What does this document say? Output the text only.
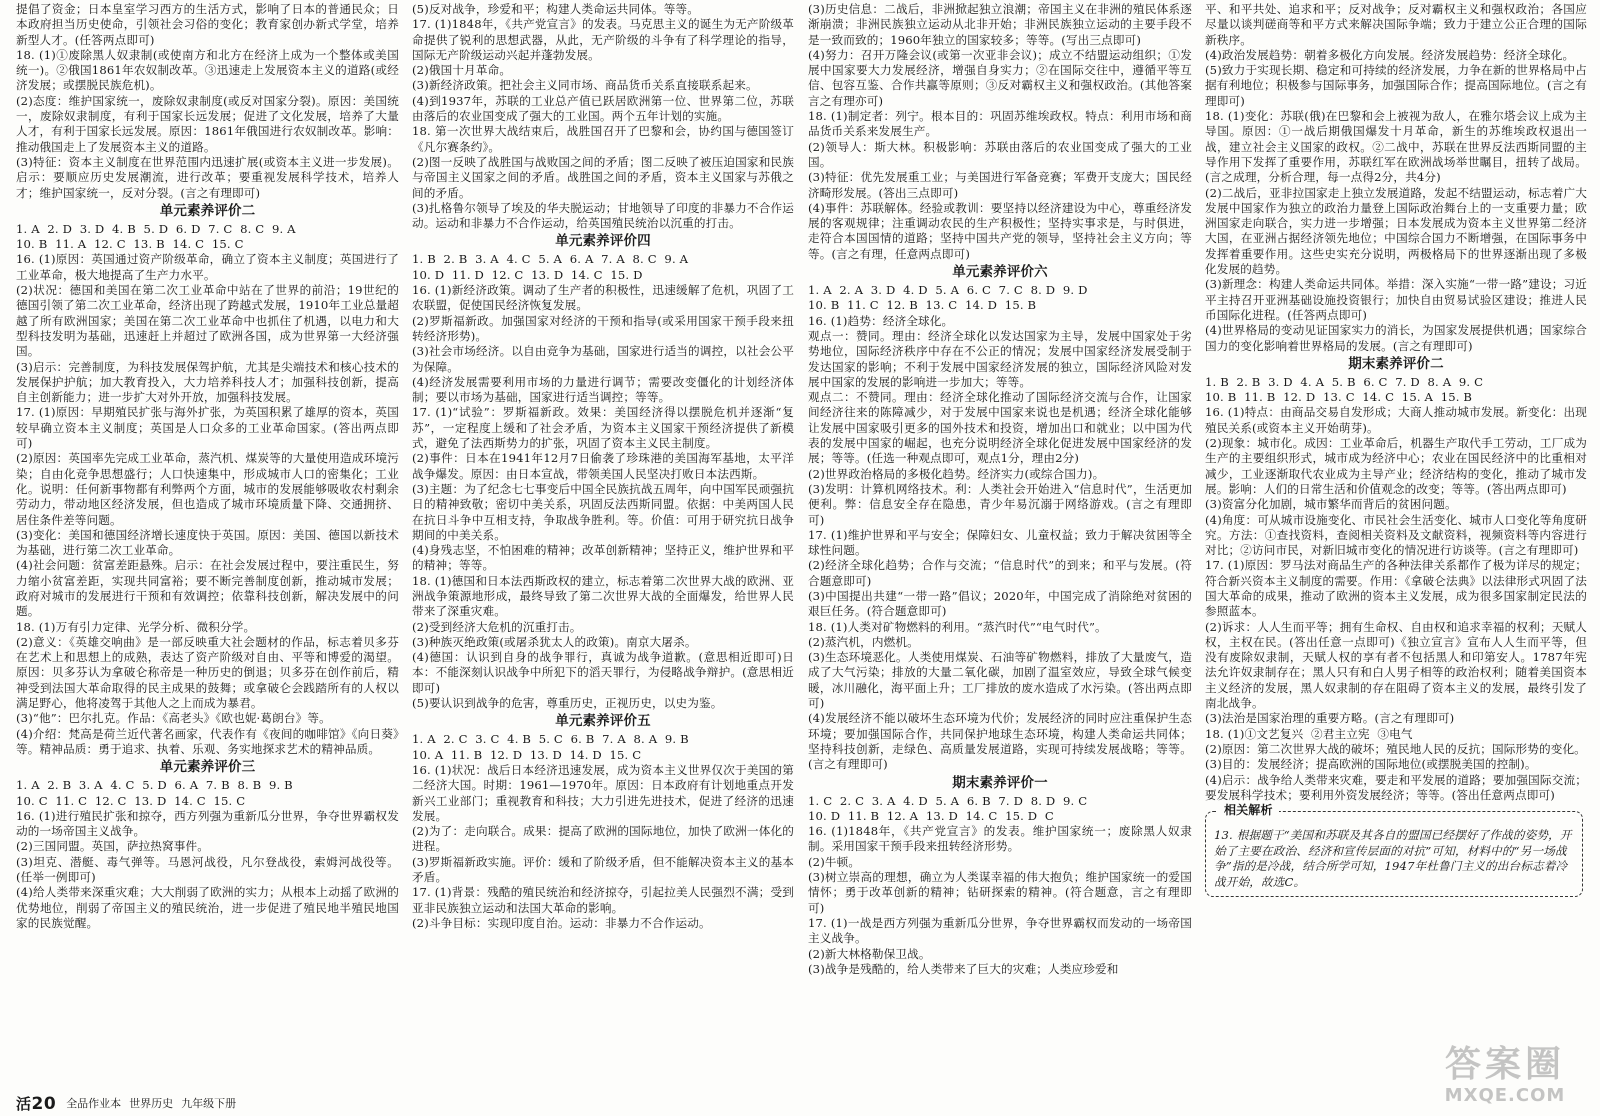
提倡了资金；日本皇室学习西方的生活方式，影响了日本的普通民众；日本政府担当历史使命，引领社会习俗的变化；教育家创办新式学堂，培养新型人才。(任答两点即可)

18. (1)①废除黑人奴隶制(或使南方和北方在经济上成为一个整体或美国统一)。②俄国1861年农奴制改革。③迅速走上发展资本主义的道路(或经济发展；或摆脱民族危机)。

(2)态度：维护国家统一，废除奴隶制度(或反对国家分裂)。原因：美国统一，废除奴隶制度，有利于国家长远发展；促进了文化发展，培养了大量人才，有利于国家长远发展。原因：1861年俄国进行农奴制改革。影响：推动俄国走上了发展资本主义的道路。

(3)特征：资本主义制度在世界范围内迅速扩展(或资本主义进一步发展)。启示：要顺应历史发展潮流，进行改革；要重视发展科学技术，培养人才；维护国家统一，反对分裂。(言之有理即可)

单元素养评价二

1. A  2. D  3. D  4. B  5. D  6. D  7. C  8. C  9. A

10. B  11. A  12. C  13. B  14. C  15. C

16. (1)原因：英国通过资产阶级革命，确立了资本主义制度；英国进行了工业革命，极大地提高了生产力水平。

(2)状况：德国和美国在第二次工业革命中站在了世界的前沿；19世纪的德国引领了第二次工业革命，经济出现了跨越式发展，1910年工业总量超越了所有欧洲国家；美国在第二次工业革命中也抓住了机遇，以电力和大型科技发明为基础，迅速赶上并超过了欧洲各国，成为世界第一大经济强国。

(3)启示：完善制度，为科技发展保驾护航，尤其是尖端技术和核心技术的发展保护护航；加大教育投入，大力培养科技人才；加强科技创新，提高自主创新能力；进一步扩大对外开放，加强科技发展。

17. (1)原因：早期殖民扩张与海外扩张，为英国积累了雄厚的资本，英国较早确立资本主义制度；英国是人口众多的工业革命国家。(答出两点即可)

(2)原因：英国率先完成工业革命，蒸汽机、煤炭等的大量使用造成环境污染；自由化竞争思想盛行；人口快速集中，形成城市人口的密集化；工业化。说明：任何新事物都有利弊两个方面，城市的发展能够吸收农村剩余劳动力，带动地区经济发展，但也造成了城市环境质量下降、交通拥挤、居住条件差等问题。

(3)变化：美国和德国经济增长速度快于英国。原因：美国、德国以新技术为基础，进行第二次工业革命。

(4)社会问题：贫富差距悬殊。启示：在社会发展过程中，要注重民生，努力缩小贫富差距，实现共同富裕；要不断完善制度创新，推动城市发展；政府对城市的发展进行干预和有效调控；依靠科技创新，解决发展中的问题。

18. (1)万有引力定律、光学分析、微积分学。

(2)意义：《英雄交响曲》是一部反映重大社会题材的作品，标志着贝多芬在艺术上和思想上的成熟，表达了资产阶级对自由、平等和博爱的渴望。原因：贝多芬认为拿破仑称帝是一种历史的倒退；贝多芬在创作前后，精神受到法国大革命取得的民主成果的鼓舞；或拿破仑会践踏所有的人权以满足野心，他将凌驾于其他人之上而成为暴君。

(3)“他”：巴尔扎克。作品：《高老头》《欧也妮·葛朗台》等。

(4)介绍：梵高是荷兰近代著名画家，代表作有《夜间的咖啡馆》《向日葵》等。精神品质：勇于追求、执着、乐观、务实地探求艺术的精神品质。

单元素养评价三

1. A  2. B  3. A  4. C  5. D  6. A  7. B  8. B  9. B

10. C  11. C  12. C  13. D  14. C  15. C

16. (1)进行殖民扩张和掠夺，西方列强为重新瓜分世界，争夺世界霸权发动的一场帝国主义战争。

(2)三国同盟。英国，萨拉热窝事件。

(3)坦克、潜艇、毒气弹等。马恩河战役，凡尔登战役，索姆河战役等。(任举一例即可)

(4)给人类带来深重灾难；大大削弱了欧洲的实力；从根本上动摇了欧洲的优势地位，削弱了帝国主义的殖民统治，进一步促进了殖民地半殖民地国家的民族觉醒。

(5)反对战争，珍爱和平；构建人类命运共同体。等等。

17. (1)1848年，《共产党宣言》的发表。马克思主义的诞生为无产阶级革命提供了锐利的思想武器，从此，无产阶级的斗争有了科学理论的指导，国际无产阶级运动兴起并蓬勃发展。

(2)俄国十月革命。

(3)新经济政策。把社会主义同市场、商品货币关系直接联系起来。

(4)到1937年，苏联的工业总产值已跃居欧洲第一位、世界第二位，苏联由落后的农业国变成了强大的工业国。两个五年计划的实施。

18. 第一次世界大战结束后，战胜国召开了巴黎和会，协约国与德国签订《凡尔赛条约》。

(2)图一反映了战胜国与战败国之间的矛盾；图二反映了被压迫国家和民族与帝国主义国家之间的矛盾。战胜国之间的矛盾，资本主义国家与苏俄之间的矛盾。

(3)扎格鲁尔领导了埃及的华夫脱运动；甘地领导了印度的非暴力不合作运动。运动和非暴力不合作运动，给英国殖民统治以沉重的打击。

单元素养评价四

1. B  2. B  3. A  4. C  5. A  6. A  7. A  8. C  9. A

10. D  11. D  12. C  13. D  14. C  15. D

16. (1)新经济政策。调动了生产者的积极性，迅速缓解了危机，巩固了工农联盟，促使国民经济恢复发展。

(2)罗斯福新政。加强国家对经济的干预和指导(或采用国家干预手段来扭转经济形势)。

(3)社会市场经济。以自由竞争为基础，国家进行适当的调控，以社会公平为保障。

(4)经济发展需要利用市场的力量进行调节；需要改变僵化的计划经济体制；要以市场为基础，国家进行适当调控；等等。

17. (1)“试验”：罗斯福新政。效果：美国经济得以摆脱危机并逐渐“复苏”，一定程度上缓和了社会矛盾，为资本主义国家干预经济提供了新模式，避免了法西斯势力的扩张，巩固了资本主义民主制度。

(2)事件：日本在1941年12月7日偷袭了珍珠港的美国海军基地，太平洋战争爆发。原因：由日本宣战，带领美国人民坚决打败日本法西斯。

(3)主题：为了纪念七七事变后中国全民族抗战五周年，向中国军民顽强抗日的精神致敬；密切中美关系，巩固反法西斯同盟。依据：中美两国人民在抗日斗争中互相支持，争取战争胜利。等。价值：可用于研究抗日战争期间的中美关系。

(4)身残志坚，不怕困难的精神；改革创新精神；坚持正义，维护世界和平的精神；等等。

18. (1)德国和日本法西斯政权的建立，标志着第二次世界大战的欧洲、亚洲战争策源地形成，最终导致了第二次世界大战的全面爆发，给世界人民带来了深重灾难。

(2)受到经济大危机的沉重打击。

(3)种族灭绝政策(或屠杀犹太人的政策)。南京大屠杀。

(4)德国：认识到自身的战争罪行，真诚为战争道歉。(意思相近即可)日本：不能深刻认识战争中所犯下的滔天罪行，为侵略战争辩护。(意思相近即可)

(5)要认识到战争的危害，尊重历史，正视历史，以史为鉴。

单元素养评价五

1. A  2. C  3. C  4. B  5. C  6. B  7. A  8. A  9. B

10. A  11. B  12. D  13. D  14. D  15. C

16. (1)状况：战后日本经济迅速发展，成为资本主义世界仅次于美国的第二经济大国。时期：1961—1970年。原因：日本政府有计划地重点开发新兴工业部门；重视教育和科技；大力引进先进技术，促进了经济的迅速发展。

(2)为了：走向联合。成果：提高了欧洲的国际地位，加快了欧洲一体化的进程。

(3)罗斯福新政实施。评价：缓和了阶级矛盾，但不能解决资本主义的基本矛盾。

17. (1)背景：残酷的殖民统治和经济掠夺，引起拉美人民强烈不满；受到亚非民族独立运动和法国大革命的影响。

(2)斗争目标：实现印度自治。运动：非暴力不合作运动。

(3)历史信息：二战后，非洲掀起独立浪潮；帝国主义在非洲的殖民体系逐渐崩溃；非洲民族独立运动从北非开始；非洲民族独立运动的主要手段不是一致而致的；1960年独立的国家较多；等等。(写出三点即可)

(4)努力：召开万隆会议(或第一次亚非会议)；成立不结盟运动组织；①发展中国家要大力发展经济，增强自身实力；②在国际交往中，遵循平等互信、包容互鉴、合作共赢等原则；③反对霸权主义和强权政治。(其他答案言之有理亦可)

18. (1)制定者：列宁。根本目的：巩固苏维埃政权。特点：利用市场和商品货币关系来发展生产。

(2)领导人：斯大林。积极影响：苏联由落后的农业国变成了强大的工业国。

(3)特征：优先发展重工业；与美国进行军备竞赛；军费开支庞大；国民经济畸形发展。(答出三点即可)

(4)事件：苏联解体。经验或教训：要坚持以经济建设为中心，尊重经济发展的客观规律；注重调动农民的生产积极性；坚持实事求是，与时俱进，走符合本国国情的道路；坚持中国共产党的领导，坚持社会主义方向；等等。(言之有理，任意两点即可)

单元素养评价六

1. A  2. A  3. D  4. D  5. A  6. C  7. C  8. D  9. D

10. B  11. C  12. B  13. C  14. D  15. B

16. (1)趋势：经济全球化。

观点一：赞同。理由：经济全球化以发达国家为主导，发展中国家处于劣势地位，国际经济秩序中存在不公正的情况；发展中国家经济发展受制于发达国家的影响；不利于发展中国家经济发展的独立，国际经济风险对发展中国家的发展的影响进一步加大；等等。

观点二：不赞同。理由：经济全球化推动了国际经济交流与合作，让国家间经济往来的陈障减少，对于发展中国家来说也是机遇；经济全球化能够让发展中国家吸引更多的国外技术和投资，增加出口和就业；以中国为代表的发展中国家的崛起，也充分说明经济全球化促进发展中国家经济的发展；等等。(任选一种观点即可，观点1分，理由2分)

(2)世界政治格局的多极化趋势。经济实力(或综合国力)。

(3)发明：计算机网络技术。利：人类社会开始进入“信息时代”，生活更加便利。弊：信息安全存在隐患，青少年易沉溺于网络游戏。(言之有理即可)

17. (1)维护世界和平与安全；保障妇女、儿童权益；致力于解决贫困等全球性问题。

(2)经济全球化趋势；合作与交流；“信息时代”的到来；和平与发展。(符合题意即可)

(3)中国提出共建“一带一路”倡议；2020年，中国完成了消除绝对贫困的艰巨任务。(符合题意即可)

18. (1)人类对矿物燃料的利用。“蒸汽时代”“电气时代”。

(2)蒸汽机，内燃机。

(3)生态环境恶化。人类使用煤炭、石油等矿物燃料，排放了大量废气，造成了大气污染；排放的大量二氧化碳，加剧了温室效应，导致全球气候变暖，冰川融化，海平面上升；工厂排放的废水造成了水污染。(答出两点即可)

(4)发展经济不能以破坏生态环境为代价；发展经济的同时应注重保护生态环境；要加强国际合作，共同保护地球生态环境，构建人类命运共同体；坚持科技创新，走绿色、高质量发展道路，实现可持续发展战略；等等。(言之有理即可)

期末素养评价一

1. C  2. C  3. A  4. D  5. A  6. B  7. D  8. D  9. C

10. D  11. B  12. A  13. D  14. C  15. D  C

16. (1)1848年，《共产党宣言》的发表。维护国家统一；废除黑人奴隶制。采用国家干预手段来扭转经济形势。

(2)牛顿。

(3)树立崇高的理想，确立为人类谋幸福的伟大抱负；维护国家统一的爱国情怀；勇于改革创新的精神；钻研探索的精神。(符合题意，言之有理即可)

17. (1)一战是西方列强为重新瓜分世界，争夺世界霸权而发动的一场帝国主义战争。

(2)新大林格勒保卫战。

(3)战争是残酷的，给人类带来了巨大的灾难；人类应珍爱和

平、和平共处、追求和平；反对战争；反对霸权主义和强权政治；各国应尽量以谈判磋商等和平方式来解决国际争端；致力于建立公正合理的国际新秩序。

(4)政治发展趋势：朝着多极化方向发展。经济发展趋势：经济全球化。

(5)致力于实现长期、稳定和可持续的经济发展，力争在新的世界格局中占据有利地位；积极参与国际事务，加强国际合作；提高国际地位。(言之有理即可)

18. (1)变化：苏联(俄)在巴黎和会上被视为敌人，在雅尔塔会议上成为主导国。原因：①一战后期俄国爆发十月革命，新生的苏维埃政权退出一战，建立社会主义国家的政权。②二战中，苏联在世界反法西斯同盟的主导作用下发挥了重要作用，苏联红军在欧洲战场举世瞩目，扭转了战局。(言之成理，分析合理，每一点得2分，共4分)

(2)二战后，亚非拉国家走上独立发展道路，发起不结盟运动，标志着广大发展中国家作为独立的政治力量登上国际政治舞台上的一支重要力量；欧洲国家走向联合，实力进一步增强；日本发展成为资本主义世界第二经济大国，在亚洲占据经济领先地位；中国综合国力不断增强，在国际事务中发挥着重要作用。这些史实充分说明，两极格局下的世界逐渐出现了多极化发展的趋势。

(3)新理念：构建人类命运共同体。举措：深入实施“一带一路”建设；习近平主持召开亚洲基础设施投资银行；加快自由贸易试验区建设；推进人民币国际化进程。(任答两点即可)

(4)世界格局的变动见证国家实力的消长，为国家发展提供机遇；国家综合国力的变化影响着世界格局的发展。(言之有理即可)

期末素养评价二

1. B  2. B  3. D  4. A  5. B  6. C  7. D  8. A  9. C

10. B  11. B  12. D  13. C  14. C  15. A  15. B

16. (1)特点：由商品交易自发形成；大商人推动城市发展。新变化：出现殖民关系(或资本主义开始萌芽)。

(2)现象：城市化。成因：工业革命后，机器生产取代手工劳动，工厂成为生产的主要组织形式，城市成为经济中心；农业在国民经济中的比重相对减少，工业逐渐取代农业成为主导产业；经济结构的变化，推动了城市发展。影响：人们的日常生活和价值观念的改变；等等。(答出两点即可)

(3)资富分化加剧，城市繁华而背后的贫困问题。

(4)角度：可从城市设施变化、市民社会生活变化、城市人口变化等角度研究。方法：①查找资料，查阅相关资料及文献资料，视频资料等内容进行对比；②访问市民，对新旧城市变化的情况进行访谈等。(言之有理即可)

17. (1)原因：罗马法对商品生产的各种法律关系都作了极为详尽的规定；符合新兴资本主义制度的需要。作用：《拿破仑法典》以法律形式巩固了法国大革命的成果，推动了欧洲的资本主义发展，成为很多国家制定民法的参照蓝本。

(2)诉求：人人生而平等；拥有生命权、自由权和追求幸福的权利；天赋人权，主权在民。(答出任意一点即可)《独立宣言》宣布人人生而平等，但没有废除奴隶制，天赋人权的享有者不包括黑人和印第安人。1787年宪法允许奴隶制存在；黑人只有和白人男子相等的政治权利；随着美国资本主义经济的发展，黑人奴隶制的存在阻碍了资本主义的发展，最终引发了南北战争。

(3)法治是国家治理的重要方略。(言之有理即可)

18. (1)①文艺复兴  ②君主立宪  ③电气

(2)原因：第二次世界大战的破坏；殖民地人民的反抗；国际形势的变化。

(3)目的：发展经济；提高欧洲的国际地位(或摆脱美国的控制)。

(4)启示：战争给人类带来灾难，要走和平发展的道路；要加强国际交流；要发展科学技术；要利用外资发展经济；等等。(答出任意两点即可)

相关解析
13. 根据题干“美国和苏联及其各自的盟国已经摆好了作战的姿势，开始了主要在政治、经济和宣传层面的对抗”可知，材料中的“另一场战争”指的是冷战，结合所学可知，1947年杜鲁门主义的出台标志着冷战开始，故选C。
活20 全品作业本 世界历史 九年级下册
答案圈
MXQE.COM
